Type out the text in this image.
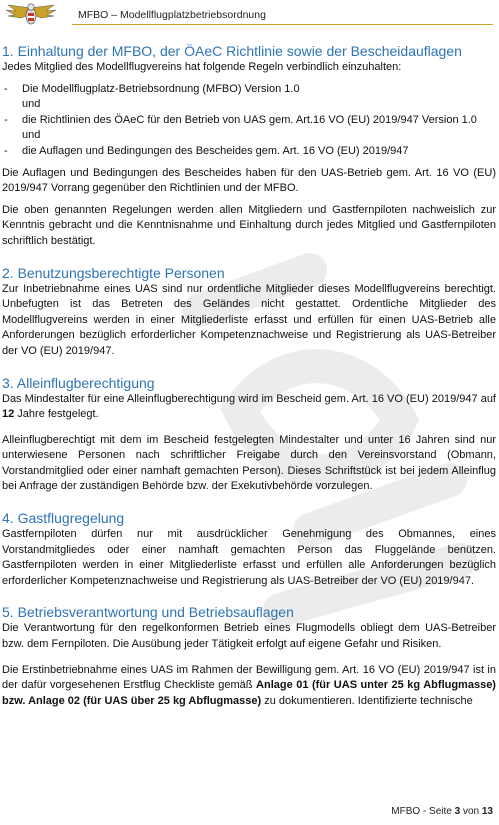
MFBO – Modellflugplatzbetriebsordnung
1. Einhaltung der MFBO, der ÖAeC Richtlinie sowie der Bescheidauflagen

Jedes Mitglied des Modellflugvereins hat folgende Regeln verbindlich einzuhalten:

- Die Modellflugplatz-Betriebsordnung (MFBO) Version 1.0
und
- die Richtlinien des ÖAeC für den Betrieb von UAS gem. Art.16 VO (EU) 2019/947 Version 1.0
und
- die Auflagen und Bedingungen des Bescheides gem. Art. 16 VO (EU) 2019/947

Die Auflagen und Bedingungen des Bescheides haben für den UAS-Betrieb gem. Art. 16 VO (EU) 2019/947 Vorrang gegenüber den Richtlinien und der MFBO.

Die oben genannten Regelungen werden allen Mitgliedern und Gastfernpiloten nachweislich zur Kenntnis gebracht und die Kenntnisnahme und Einhaltung durch jedes Mitglied und Gastfernpiloten schriftlich bestätigt.

2. Benutzungsberechtigte Personen

Zur Inbetriebnahme eines UAS sind nur ordentliche Mitglieder dieses Modellflugvereins berechtigt. Unbefugten ist das Betreten des Geländes nicht gestattet. Ordentliche Mitglieder des Modellflugvereins werden in einer Mitgliederliste erfasst und erfüllen für einen UAS-Betrieb alle Anforderungen bezüglich erforderlicher Kompetenznachweise und Registrierung als UAS-Betreiber der VO (EU) 2019/947.

3. Alleinflugberechtigung

Das Mindestalter für eine Alleinflugberechtigung wird im Bescheid gem. Art. 16 VO (EU) 2019/947 auf 12 Jahre festgelegt.

Alleinflugberechtigt mit dem im Bescheid festgelegten Mindestalter und unter 16 Jahren sind nur unterwiesene Personen nach schriftlicher Freigabe durch den Vereinsvorstand (Obmann, Vorstandmitglied oder einer namhaft gemachten Person). Dieses Schriftstück ist bei jedem Alleinflug bei Anfrage der zuständigen Behörde bzw. der Exekutivbehörde vorzulegen.

4. Gastflugregelung

Gastfernpiloten dürfen nur mit ausdrücklicher Genehmigung des Obmannes, eines Vorstandmitgliedes oder einer namhaft gemachten Person das Fluggelände benützen. Gastfernpiloten werden in einer Mitgliederliste erfasst und erfüllen alle Anforderungen bezüglich erforderlicher Kompetenznachweise und Registrierung als UAS-Betreiber der VO (EU) 2019/947.

5. Betriebsverantwortung und Betriebsauflagen

Die Verantwortung für den regelkonformen Betrieb eines Flugmodells obliegt dem UAS-Betreiber bzw. dem Fernpiloten. Die Ausübung jeder Tätigkeit erfolgt auf eigene Gefahr und Risiken.

Die Erstinbetriebnahme eines UAS im Rahmen der Bewilligung gem. Art. 16 VO (EU) 2019/947 ist in der dafür vorgesehenen Erstflug Checkliste gemäß Anlage 01 (für UAS unter 25 kg Abflugmasse) bzw. Anlage 02 (für UAS über 25 kg Abflugmasse) zu dokumentieren. Identifizierte technische

MFBO - Seite 3 von 13
